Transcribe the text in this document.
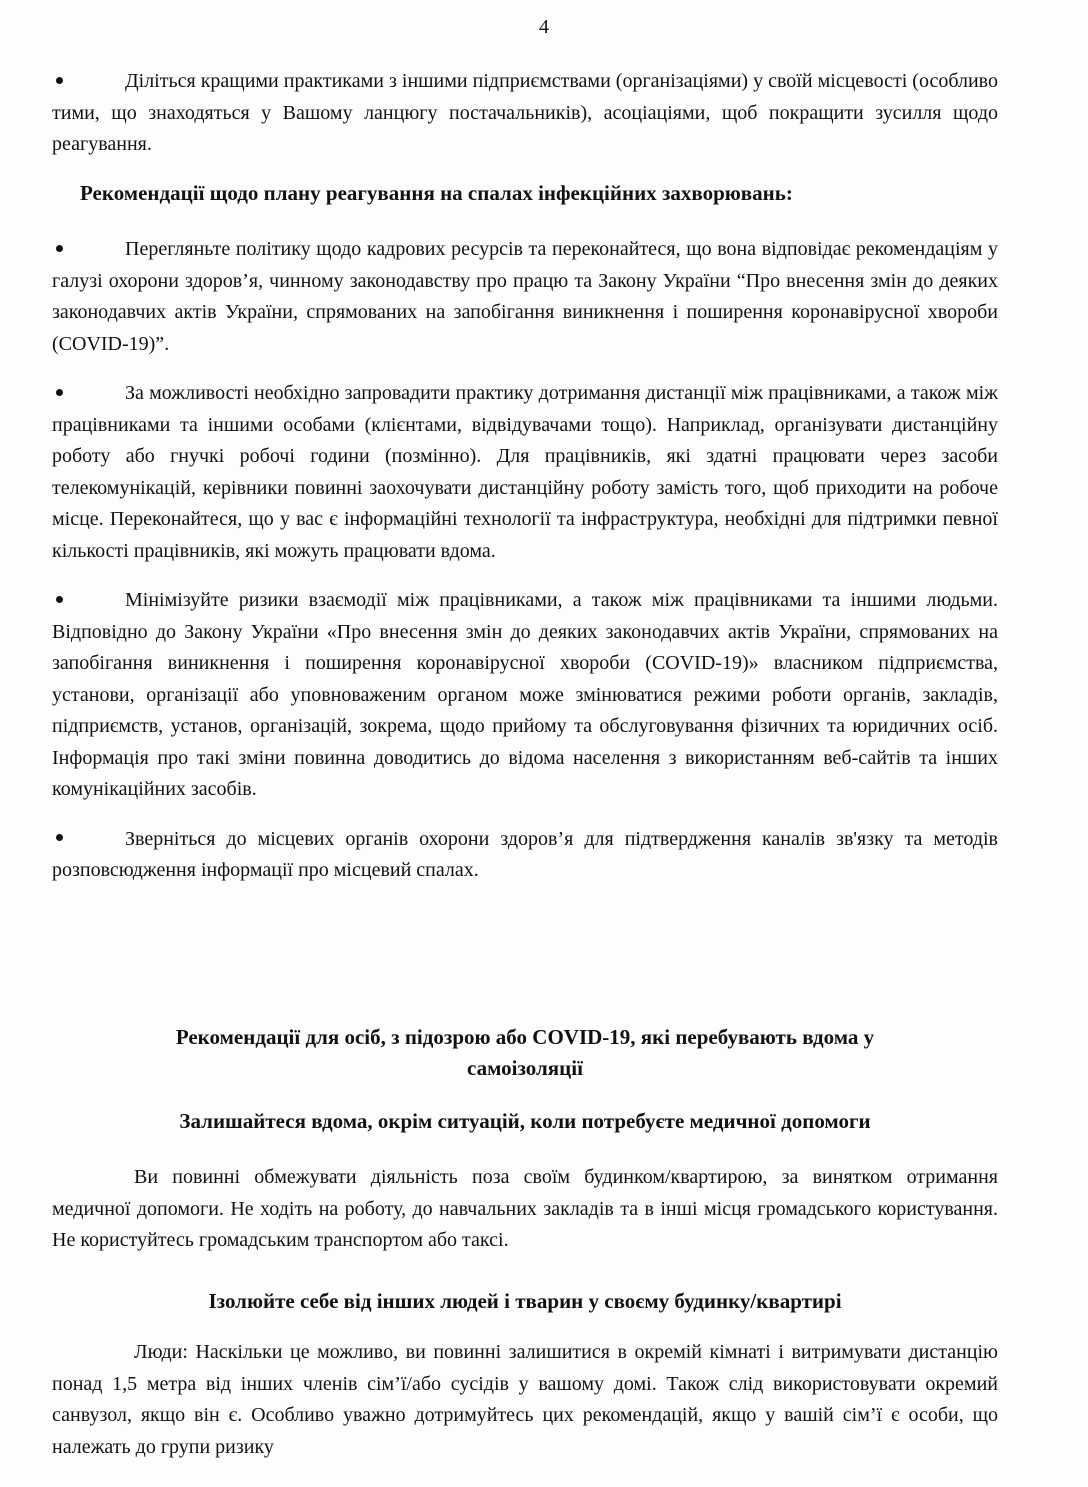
4

Діліться кращими практиками з іншими підприємствами (організаціями) у своїй місцевості (особливо тими, що знаходяться у Вашому ланцюгу постачальників), асоціаціями, щоб покращити зусилля щодо реагування.

Рекомендації щодо плану реагування на спалах інфекційних захворювань:

Перегляньте політику щодо кадрових ресурсів та переконайтеся, що вона відповідає рекомендаціям у галузі охорони здоров’я, чинному законодавству про працю та Закону України “Про внесення змін до деяких законодавчих актів України, спрямованих на запобігання виникнення і поширення коронавірусної хвороби (COVID-19)”.

За можливості необхідно запровадити практику дотримання дистанції між працівниками, а також між працівниками та іншими особами (клієнтами, відвідувачами тощо). Наприклад, організувати дистанційну роботу або гнучкі робочі години (позмінно). Для працівників, які здатні працювати через засоби телекомунікацій, керівники повинні заохочувати дистанційну роботу замість того, щоб приходити на робоче місце. Переконайтеся, що у вас є інформаційні технології та інфраструктура, необхідні для підтримки певної кількості працівників, які можуть працювати вдома.

Мінімізуйте ризики взаємодії між працівниками, а також між працівниками та іншими людьми. Відповідно до Закону України «Про внесення змін до деяких законодавчих актів України, спрямованих на запобігання виникнення і поширення коронавірусної хвороби (COVID-19)» власником підприємства, установи, організації або уповноваженим органом може змінюватися режими роботи органів, закладів, підприємств, установ, організацій, зокрема, щодо прийому та обслуговування фізичних та юридичних осіб. Інформація про такі зміни повинна доводитись до відома населення з використанням веб-сайтів та інших комунікаційних засобів.

Зверніться до місцевих органів охорони здоров’я для підтвердження каналів зв'язку та методів розповсюдження інформації про місцевий спалах.

Рекомендації для осіб, з підозрою або COVID-19, які перебувають вдома у
самоізоляції
Залишайтеся вдома, окрім ситуацій, коли потребуєте медичної допомоги

Ви повинні обмежувати діяльність поза своїм будинком/квартирою, за винятком отримання медичної допомоги. Не ходіть на роботу, до навчальних закладів та в інші місця громадського користування. Не користуйтесь громадським транспортом або таксі.

Ізолюйте себе від інших людей і тварин у своєму будинку/квартирі

Люди: Наскільки це можливо, ви повинні залишитися в окремій кімнаті і витримувати дистанцію понад 1,5 метра від інших членів сім’ї/або сусідів у вашому домі. Також слід використовувати окремий санвузол, якщо він є. Особливо уважно дотримуйтесь цих рекомендацій, якщо у вашій сім’ї є особи, що належать до групи ризику
